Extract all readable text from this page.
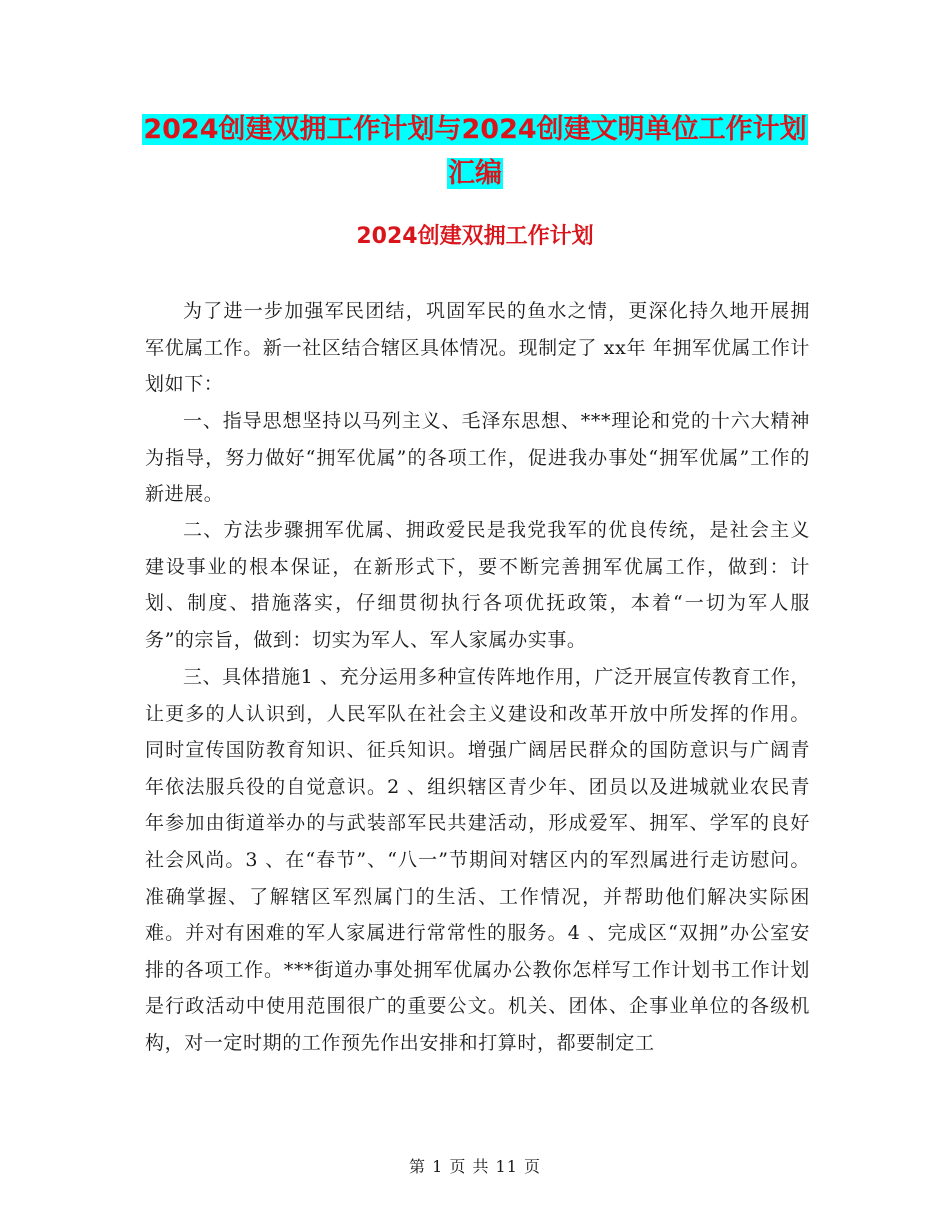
2024创建双拥工作计划与2024创建文明单位工作计划
汇编
2024创建双拥工作计划

为了进一步加强军民团结，巩固军民的鱼水之情，更深化持久地开展拥军优属工作。新一社区结合辖区具体情况。现制定了 xx年 年拥军优属工作计划如下：

一、指导思想坚持以马列主义、毛泽东思想、***理论和党的十六大精神为指导，努力做好“拥军优属”的各项工作，促进我办事处“拥军优属”工作的新进展。

二、方法步骤拥军优属、拥政爱民是我党我军的优良传统，是社会主义建设事业的根本保证，在新形式下，要不断完善拥军优属工作，做到：计划、制度、措施落实，仔细贯彻执行各项优抚政策，本着“一切为军人服务”的宗旨，做到：切实为军人、军人家属办实事。

三、具体措施1 、充分运用多种宣传阵地作用，广泛开展宣传教育工作，让更多的人认识到，人民军队在社会主义建设和改革开放中所发挥的作用。同时宣传国防教育知识、征兵知识。增强广阔居民群众的国防意识与广阔青年依法服兵役的自觉意识。2 、组织辖区青少年、团员以及进城就业农民青年参加由街道举办的与武装部军民共建活动，形成爱军、拥军、学军的良好社会风尚。3 、在“春节”、“八一”节期间对辖区内的军烈属进行走访慰问。准确掌握、了解辖区军烈属门的生活、工作情况，并帮助他们解决实际困难。并对有困难的军人家属进行常常性的服务。4 、完成区“双拥”办公室安排的各项工作。***街道办事处拥军优属办公教你怎样写工作计划书工作计划是行政活动中使用范围很广的重要公文。机关、团体、企事业单位的各级机构，对一定时期的工作预先作出安排和打算时，都要制定工

第 1 页 共 11 页
